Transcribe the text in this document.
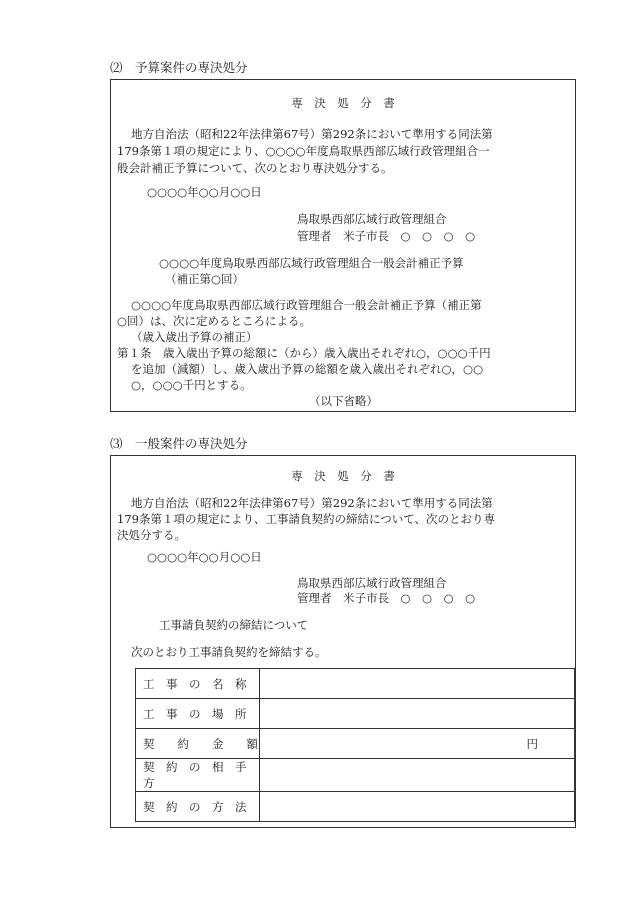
⑵　予算案件の専決処分
専　決　処　分　書
地方自治法（昭和22年法律第67号）第292条において準用する同法第
179条第１項の規定により、○○○○年度鳥取県西部広域行政管理組合一
般会計補正予算について、次のとおり専決処分する。
○○○○年○○月○○日
鳥取県西部広域行政管理組合
管理者　米子市長　○　○　○　○
○○○○年度鳥取県西部広域行政管理組合一般会計補正予算
（補正第○回）
○○○○年度鳥取県西部広域行政管理組合一般会計補正予算（補正第
○回）は、次に定めるところによる。
（歳入歳出予算の補正）
第１条　歳入歳出予算の総額に（から）歳入歳出それぞれ○，○○○千円
を追加（減額）し、歳入歳出予算の総額を歳入歳出それぞれ○，○○
○，○○○千円とする。
（以下省略）
⑶　一般案件の専決処分
専　決　処　分　書
地方自治法（昭和22年法律第67号）第292条において準用する同法第
179条第１項の規定により、工事請負契約の締結について、次のとおり専
決処分する。
○○○○年○○月○○日
鳥取県西部広域行政管理組合
管理者　米子市長　○　○　○　○
工事請負契約の締結について
次のとおり工事請負契約を締結する。
工　事　の　名　称	
工　事　の　場　所	
契　　約　　金　　額	円
契　約　の　相　手　方	
契　約　の　方　法	
